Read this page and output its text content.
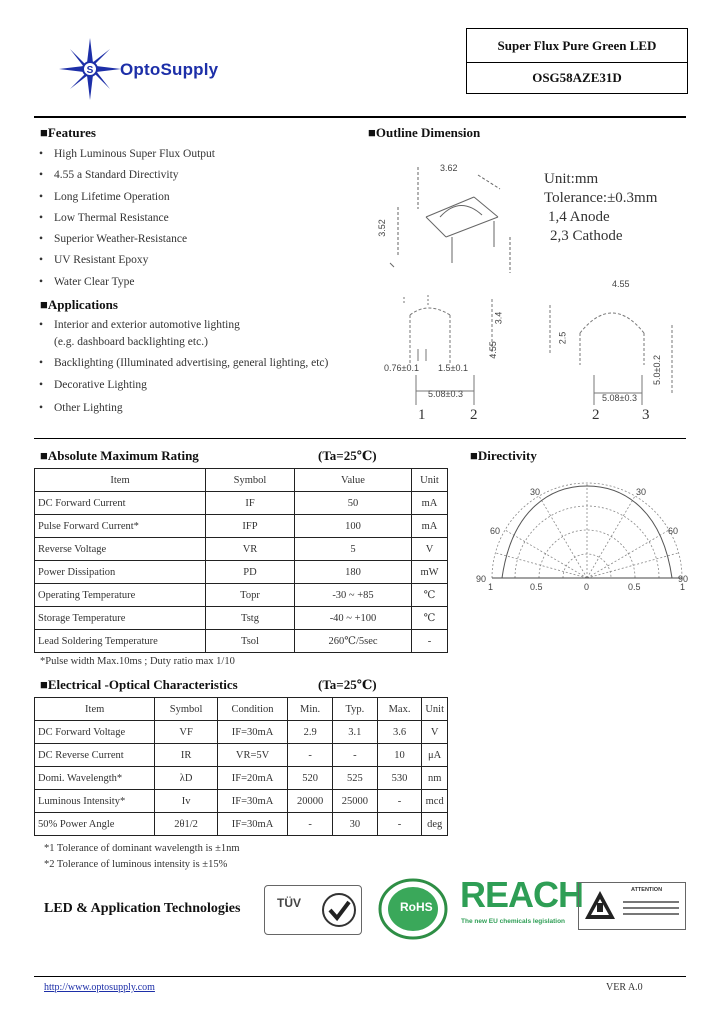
S OptoSupply
Super Flux Pure Green LED
OSG58AZE31D
■Features
• High Luminous Super Flux Output
• 4.55 a Standard Directivity
• Long Lifetime Operation
• Low Thermal Resistance
• Superior Weather-Resistance
• UV Resistant Epoxy
• Water Clear Type
■Applications
• Interior and exterior automotive lighting
(e.g. dashboard backlighting etc.)
• Backlighting (Illuminated advertising, general lighting, etc)
• Decorative Lighting
• Other Lighting
■Outline Dimension
3.62
3.52
Unit:mm
Tolerance:±0.3mm
1,4 Anode
2,3 Cathode
3.4
4.55
0.76±0.1 1.5±0.1
5.08±0.3
1	2
4.55
2.5
5.0±0.2
5.08±0.3
2	3
■Absolute Maximum Rating	(Ta=25℃)
Item	Symbol	Value	Unit
DC Forward Current	IF	50	mA
Pulse Forward Current*	IFP	100	mA
Reverse Voltage	VR	5	V
Power Dissipation	PD	180	mW
Operating Temperature	Topr	-30 ~ +85	℃
Storage Temperature	Tstg	-40 ~ +100	℃
Lead Soldering Temperature	Tsol	260℃/5sec	-
*Pulse width Max.10ms ; Duty ratio max 1/10
■Directivity
30
60
90
30
60
90
1	0.5	0	0.5	1
■Electrical -Optical Characteristics	(Ta=25℃)
Item	Symbol	Condition	Min.	Typ.	Max.	Unit
DC Forward Voltage	VF	IF=30mA	2.9	3.1	3.6	V
DC Reverse Current	IR	VR=5V	-	-	10	μA
Domi. Wavelength*	λD	IF=20mA	520	525	530	nm
Luminous Intensity*	Iv	IF=30mA	20000	25000	-	mcd
50% Power Angle	2θ1/2	IF=30mA	-	30	-	deg
*1 Tolerance of dominant wavelength is ±1nm
*2 Tolerance of luminous intensity is ±15%
LED & Application Technologies	TÜV	RoHS REACH
The new EU chemicals legislation
ATTENTION
http://www.optosupply.com	VER A.0
